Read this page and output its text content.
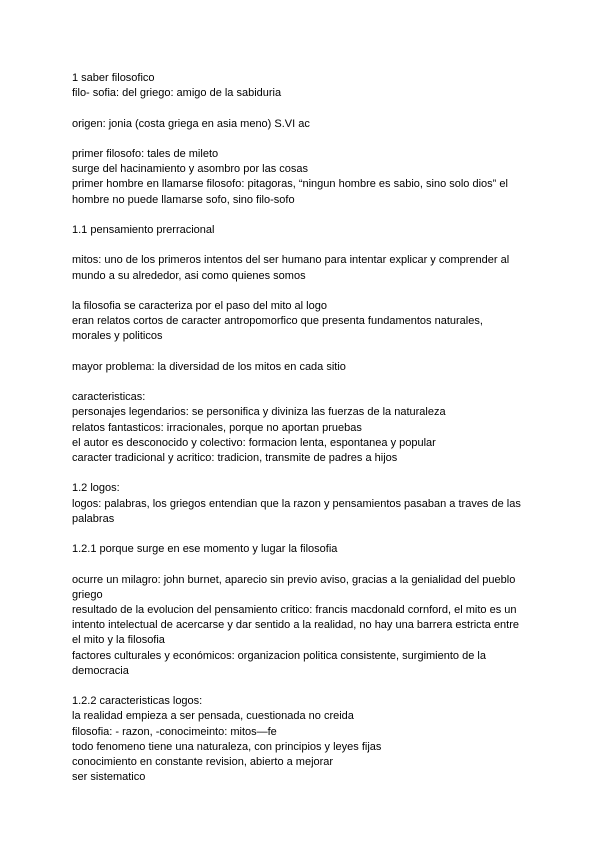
1 saber filosofico
filo- sofia: del griego: amigo de la sabiduria
origen: jonia (costa griega en asia meno) S.VI ac
primer filosofo: tales de mileto
surge del hacinamiento y asombro por las cosas
primer hombre en llamarse filosofo: pitagoras, “ningun hombre es sabio, sino solo dios” el
hombre no puede llamarse sofo, sino filo-sofo
1.1 pensamiento prerracional
mitos: uno de los primeros intentos del ser humano para intentar explicar y comprender al
mundo a su alrededor, asi como quienes somos
la filosofia se caracteriza por el paso del mito al logo
eran relatos cortos de caracter antropomorfico que presenta fundamentos naturales,
morales y politicos
mayor problema: la diversidad de los mitos en cada sitio
caracteristicas:
personajes legendarios: se personifica y diviniza las fuerzas de la naturaleza
relatos fantasticos: irracionales, porque no aportan pruebas
el autor es desconocido y colectivo: formacion lenta, espontanea y popular
caracter tradicional y acritico: tradicion, transmite de padres a hijos
1.2 logos:
logos: palabras, los griegos entendian que la razon y pensamientos pasaban a traves de las
palabras
1.2.1 porque surge en ese momento y lugar la filosofia
ocurre un milagro: john burnet, aparecio sin previo aviso, gracias a la genialidad del pueblo
griego
resultado de la evolucion del pensamiento critico: francis macdonald cornford, el mito es un
intento intelectual de acercarse y dar sentido a la realidad, no hay una barrera estricta entre
el mito y la filosofia
factores culturales y económicos: organizacion politica consistente, surgimiento de la
democracia
1.2.2 caracteristicas logos:
la realidad empieza a ser pensada, cuestionada no creida
filosofia: - razon, -conocimeinto: mitos—fe
todo fenomeno tiene una naturaleza, con principios y leyes fijas
conocimiento en constante revision, abierto a mejorar
ser sistematico
